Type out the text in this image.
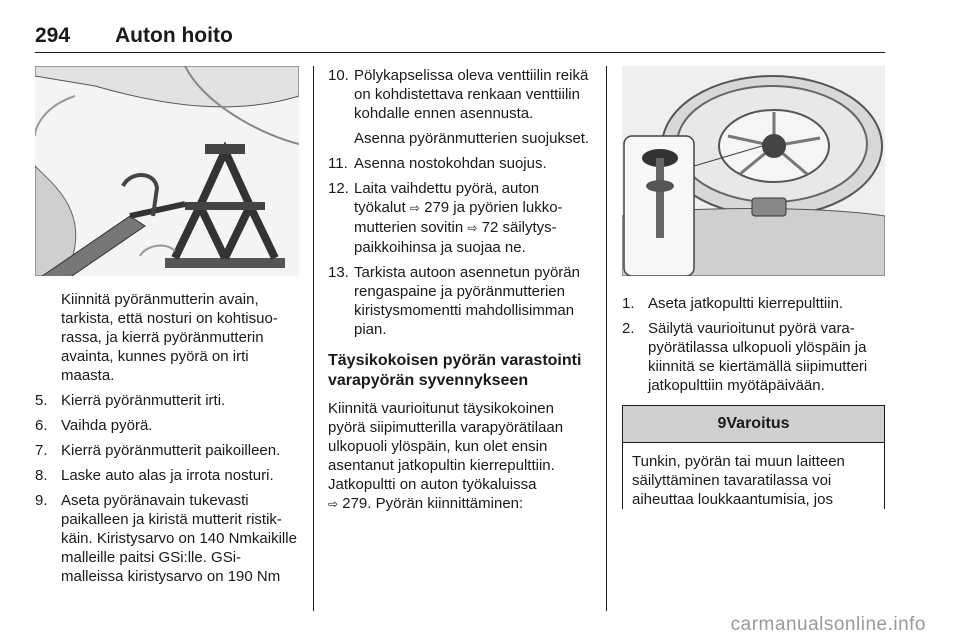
294 Auton hoito

Kiinnitä pyöränmutterin avain, tarkista, että nosturi on kohtisuorassa, ja kierrä pyöränmutterin avainta, kunnes pyörä on irti maasta.

5. Kierrä pyöränmutterit irti.
6. Vaihda pyörä.
7. Kierrä pyöränmutterit paikoilleen.
8. Laske auto alas ja irrota nosturi.
9. Aseta pyöränavain tukevasti paikalleen ja kiristä mutterit ristikkäin. Kiristysarvo on 140 Nmkaikille malleille paitsi GSi:lle. GSi-malleissa kiristysarvo on 190 Nm
10. Pölykapselissa oleva venttiilin reikä on kohdistettava renkaan venttiilin kohdalle ennen asennusta.

Asenna pyöränmutterien suojukset.

11. Asenna nostokohdan suojus.
12. Laita vaihdettu pyörä, auton työkalut ⇨ 279 ja pyörien lukkomutterien sovitin ⇨ 72 säilytyspaikkoihinsa ja suojaa ne.
13. Tarkista autoon asennetun pyörän rengaspaine ja pyöränmutterien kiristysmomentti mahdollisimman pian.
Täysikokoisen pyörän varastointi varapyörän syvennykseen

Kiinnitä vaurioitunut täysikokoinen pyörä siipimutterilla varapyörätilaan ulkopuoli ylöspäin, kun olet ensin asentanut jatkopultin kierrepulttiin. Jatkopultti on auton työkaluissa
⇨ 279. Pyörän kiinnittäminen:

1. Aseta jatkopultti kierrepulttiin.
2. Säilytä vaurioitunut pyörä varapyörätilassa ulkopuoli ylöspäin ja kiinnitä se kiertämällä siipimutteri jatkopulttiin myötäpäivään.
9Varoitus

Tunkin, pyörän tai muun laitteen säilyttäminen tavaratilassa voi aiheuttaa loukkaantumisia, jos

carmanualsonline.info
